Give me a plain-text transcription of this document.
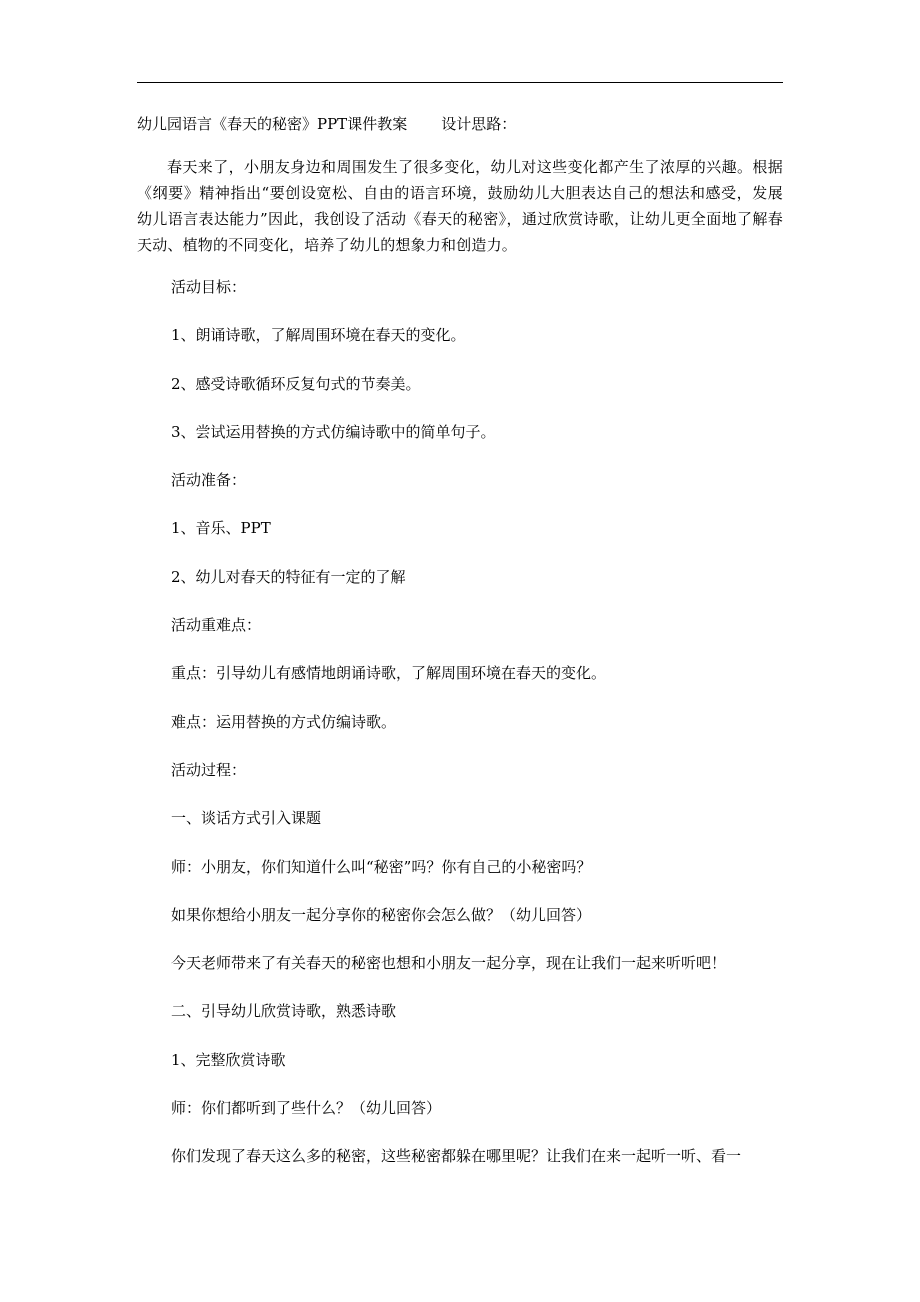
幼儿园语言《春天的秘密》PPT课件教案 设计思路：

春天来了，小朋友身边和周围发生了很多变化，幼儿对这些变化都产生了浓厚的兴趣。根据《纲要》精神指出“要创设宽松、自由的语言环境，鼓励幼儿大胆表达自己的想法和感受，发展幼儿语言表达能力”因此，我创设了活动《春天的秘密》，通过欣赏诗歌，让幼儿更全面地了解春天动、植物的不同变化，培养了幼儿的想象力和创造力。

活动目标：

1、朗诵诗歌，了解周围环境在春天的变化。

2、感受诗歌循环反复句式的节奏美。

3、尝试运用替换的方式仿编诗歌中的简单句子。

活动准备：

1、音乐、PPT

2、幼儿对春天的特征有一定的了解

活动重难点：

重点：引导幼儿有感情地朗诵诗歌，了解周围环境在春天的变化。

难点：运用替换的方式仿编诗歌。

活动过程：

一、谈话方式引入课题

师：小朋友，你们知道什么叫“秘密”吗？你有自己的小秘密吗？

如果你想给小朋友一起分享你的秘密你会怎么做？（幼儿回答）

今天老师带来了有关春天的秘密也想和小朋友一起分享，现在让我们一起来听听吧！

二、引导幼儿欣赏诗歌，熟悉诗歌

1、完整欣赏诗歌

师：你们都听到了些什么？（幼儿回答）

你们发现了春天这么多的秘密，这些秘密都躲在哪里呢？让我们在来一起听一听、看一
